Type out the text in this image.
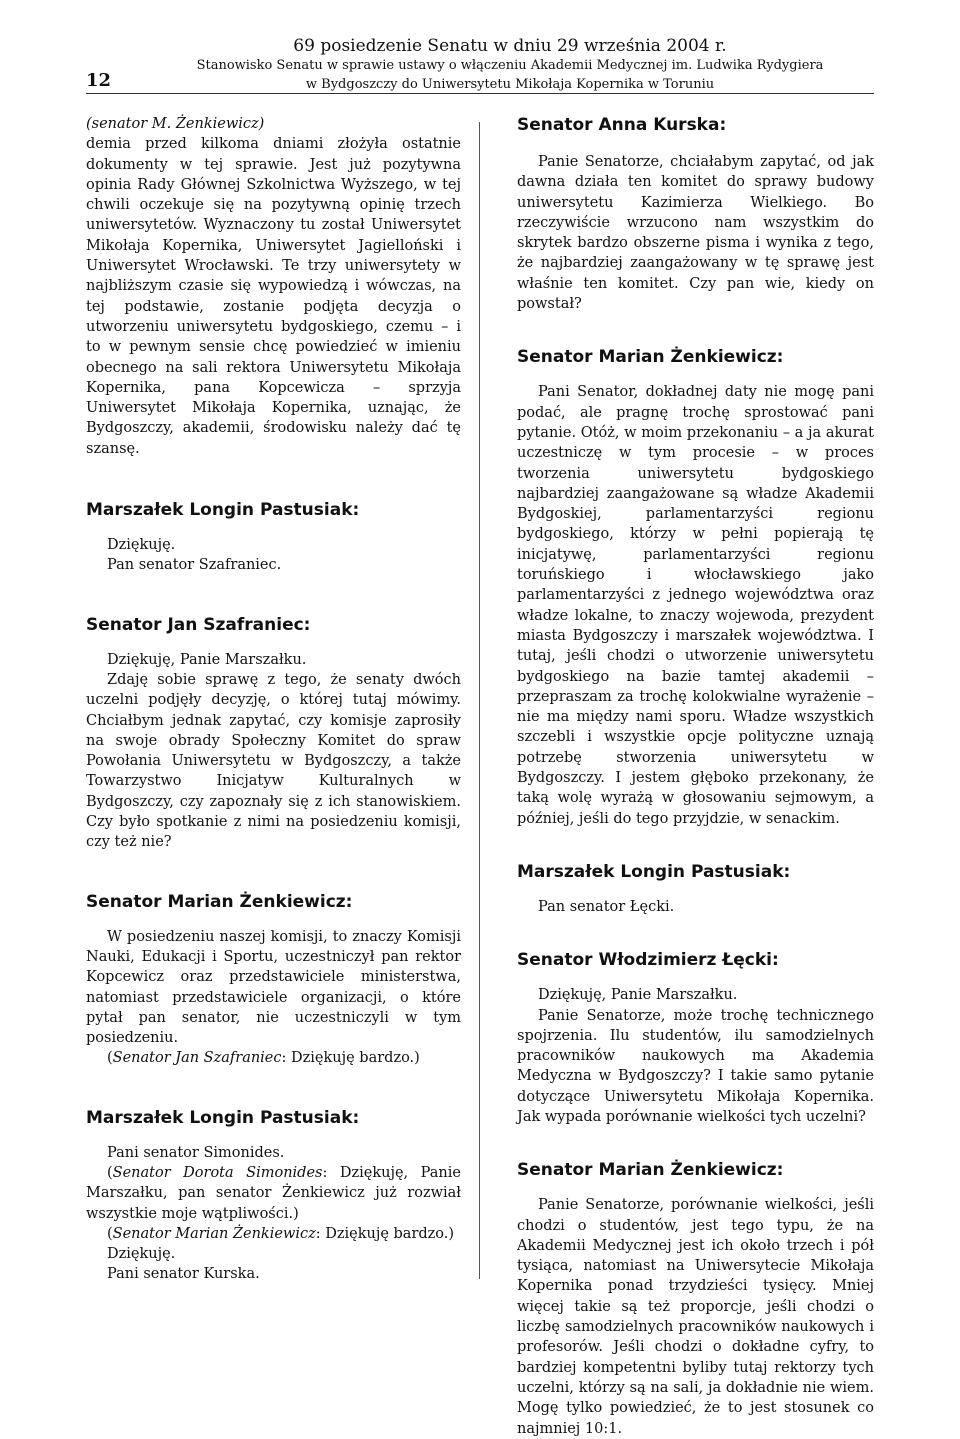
12
69 posiedzenie Senatu w dniu 29 września 2004 r.
Stanowisko Senatu w sprawie ustawy o włączeniu Akademii Medycznej im. Ludwika Rydygiera
w Bydgoszczy do Uniwersytetu Mikołaja Kopernika w Toruniu

(senator M. Żenkiewicz)

demia przed kilkoma dniami złożyła ostatnie dokumenty w tej sprawie. Jest już pozytywna opinia Rady Głównej Szkolnictwa Wyższego, w tej chwili oczekuje się na pozytywną opinię trzech uniwersytetów. Wyznaczony tu został Uniwersytet Mikołaja Kopernika, Uniwersytet Jagielloński i Uniwersytet Wrocławski. Te trzy uniwersytety w najbliższym czasie się wypowiedzą i wówczas, na tej podstawie, zostanie podjęta decyzja o utworzeniu uniwersytetu bydgoskiego, czemu – i to w pewnym sensie chcę powiedzieć w imieniu obecnego na sali rektora Uniwersytetu Mikołaja Kopernika, pana Kopcewicza – sprzyja Uniwersytet Mikołaja Kopernika, uznając, że Bydgoszczy, akademii, środowisku należy dać tę szansę.

Marszałek Longin Pastusiak:

Dziękuję.

Pan senator Szafraniec.

Senator Jan Szafraniec:

Dziękuję, Panie Marszałku.

Zdaję sobie sprawę z tego, że senaty dwóch uczelni podjęły decyzję, o której tutaj mówimy. Chciałbym jednak zapytać, czy komisje zaprosiły na swoje obrady Społeczny Komitet do spraw Powołania Uniwersytetu w Bydgoszczy, a także Towarzystwo Inicjatyw Kulturalnych w Bydgoszczy, czy zapoznały się z ich stanowiskiem. Czy było spotkanie z nimi na posiedzeniu komisji, czy też nie?

Senator Marian Żenkiewicz:

W posiedzeniu naszej komisji, to znaczy Komisji Nauki, Edukacji i Sportu, uczestniczył pan rektor Kopcewicz oraz przedstawiciele ministerstwa, natomiast przedstawiciele organizacji, o które pytał pan senator, nie uczestniczyli w tym posiedzeniu.

(Senator Jan Szafraniec: Dziękuję bardzo.)

Marszałek Longin Pastusiak:

Pani senator Simonides.

(Senator Dorota Simonides: Dziękuję, Panie Marszałku, pan senator Żenkiewicz już rozwiał wszystkie moje wątpliwości.)

(Senator Marian Żenkiewicz: Dziękuję bardzo.)

Dziękuję.

Pani senator Kurska.

Senator Anna Kurska:

Panie Senatorze, chciałabym zapytać, od jak dawna działa ten komitet do sprawy budowy uniwersytetu Kazimierza Wielkiego. Bo rzeczywiście wrzucono nam wszystkim do skrytek bardzo obszerne pisma i wynika z tego, że najbardziej zaangażowany w tę sprawę jest właśnie ten komitet. Czy pan wie, kiedy on powstał?

Senator Marian Żenkiewicz:

Pani Senator, dokładnej daty nie mogę pani podać, ale pragnę trochę sprostować pani pytanie. Otóż, w moim przekonaniu – a ja akurat uczestniczę w tym procesie – w proces tworzenia uniwersytetu bydgoskiego najbardziej zaangażowane są władze Akademii Bydgoskiej, parlamentarzyści regionu bydgoskiego, którzy w pełni popierają tę inicjatywę, parlamentarzyści regionu toruńskiego i włocławskiego jako parlamentarzyści z jednego województwa oraz władze lokalne, to znaczy wojewoda, prezydent miasta Bydgoszczy i marszałek województwa. I tutaj, jeśli chodzi o utworzenie uniwersytetu bydgoskiego na bazie tamtej akademii – przepraszam za trochę kolokwialne wyrażenie – nie ma między nami sporu. Władze wszystkich szczebli i wszystkie opcje polityczne uznają potrzebę stworzenia uniwersytetu w Bydgoszczy. I jestem głęboko przekonany, że taką wolę wyrażą w głosowaniu sejmowym, a później, jeśli do tego przyjdzie, w senackim.

Marszałek Longin Pastusiak:

Pan senator Łęcki.

Senator Włodzimierz Łęcki:

Dziękuję, Panie Marszałku.

Panie Senatorze, może trochę technicznego spojrzenia. Ilu studentów, ilu samodzielnych pracowników naukowych ma Akademia Medyczna w Bydgoszczy? I takie samo pytanie dotyczące Uniwersytetu Mikołaja Kopernika. Jak wypada porównanie wielkości tych uczelni?

Senator Marian Żenkiewicz:

Panie Senatorze, porównanie wielkości, jeśli chodzi o studentów, jest tego typu, że na Akademii Medycznej jest ich około trzech i pół tysiąca, natomiast na Uniwersytecie Mikołaja Kopernika ponad trzydzieści tysięcy. Mniej więcej takie są też proporcje, jeśli chodzi o liczbę samodzielnych pracowników naukowych i profesorów. Jeśli chodzi o dokładne cyfry, to bardziej kompetentni byliby tutaj rektorzy tych uczelni, którzy są na sali, ja dokładnie nie wiem. Mogę tylko powiedzieć, że to jest stosunek co najmniej 10:1.
